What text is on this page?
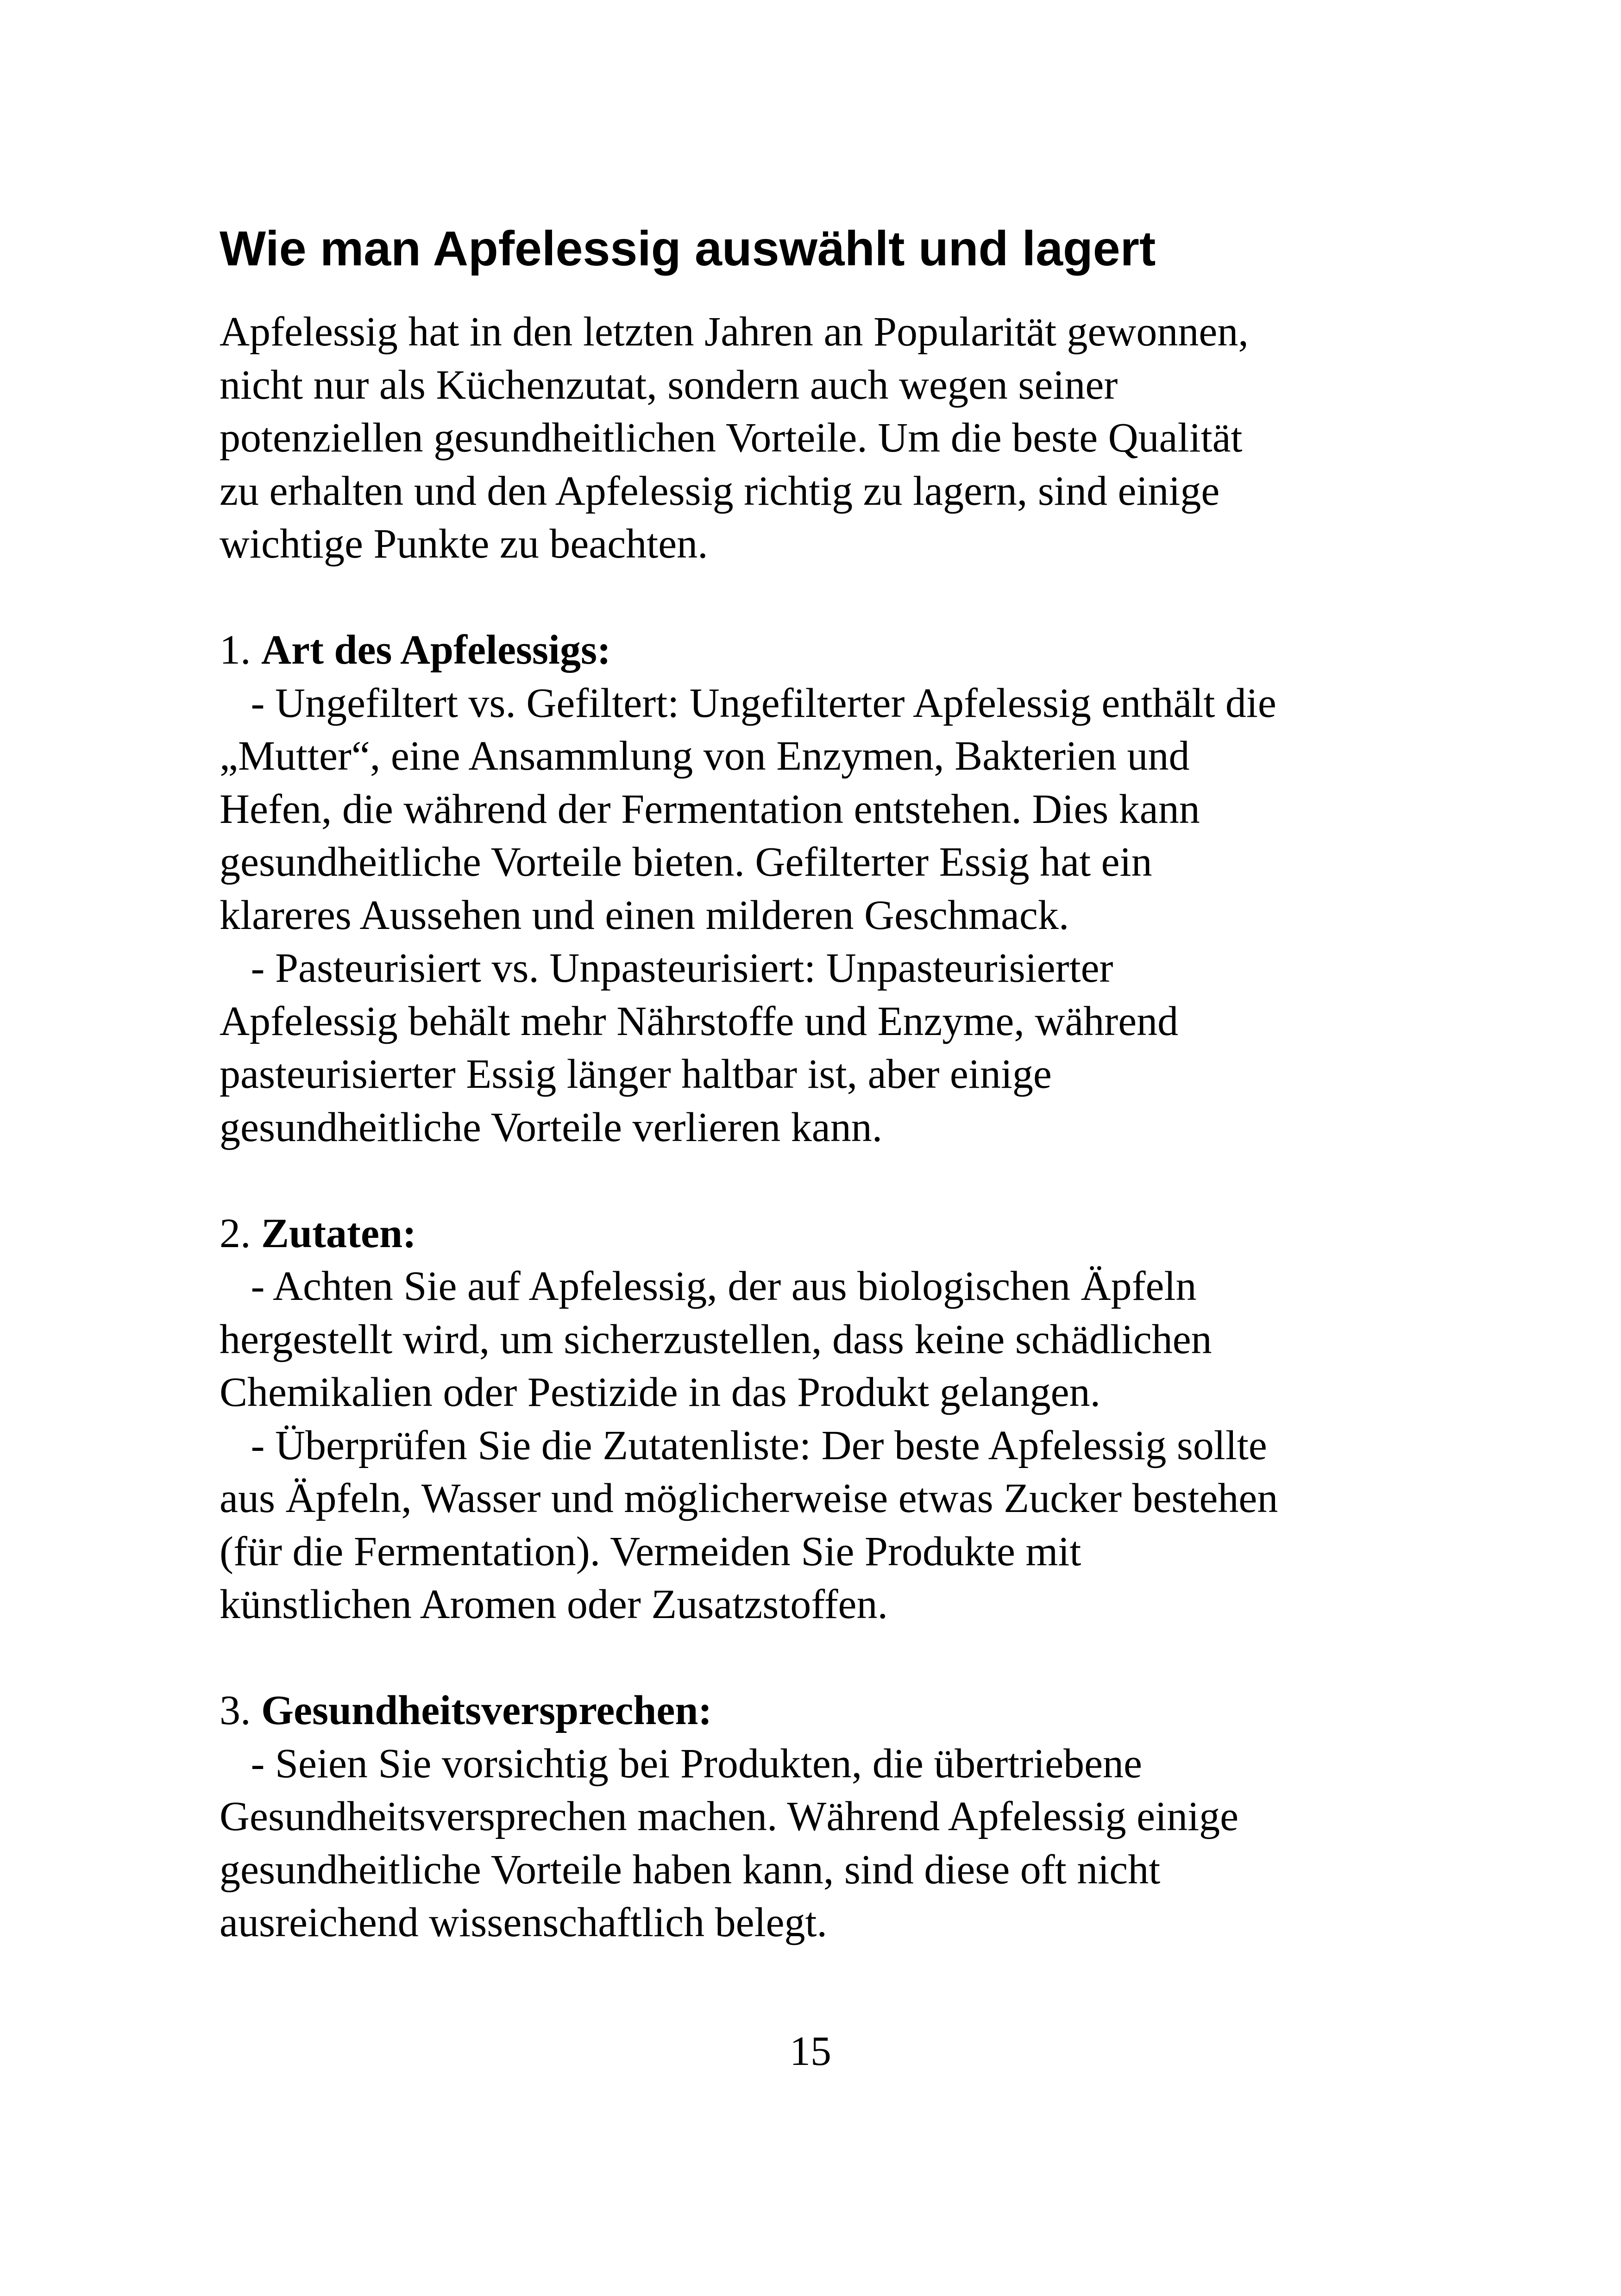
Wie man Apfelessig auswählt und lagert
Apfelessig hat in den letzten Jahren an Popularität gewonnen,
nicht nur als Küchenzutat, sondern auch wegen seiner
potenziellen gesundheitlichen Vorteile. Um die beste Qualität
zu erhalten und den Apfelessig richtig zu lagern, sind einige
wichtige Punkte zu beachten.
1. Art des Apfelessigs:
- Ungefiltert vs. Gefiltert: Ungefilterter Apfelessig enthält die
„Mutter“, eine Ansammlung von Enzymen, Bakterien und
Hefen, die während der Fermentation entstehen. Dies kann
gesundheitliche Vorteile bieten. Gefilterter Essig hat ein
klareres Aussehen und einen milderen Geschmack.
- Pasteurisiert vs. Unpasteurisiert: Unpasteurisierter
Apfelessig behält mehr Nährstoffe und Enzyme, während
pasteurisierter Essig länger haltbar ist, aber einige
gesundheitliche Vorteile verlieren kann.
2. Zutaten:
- Achten Sie auf Apfelessig, der aus biologischen Äpfeln
hergestellt wird, um sicherzustellen, dass keine schädlichen
Chemikalien oder Pestizide in das Produkt gelangen.
- Überprüfen Sie die Zutatenliste: Der beste Apfelessig sollte
aus Äpfeln, Wasser und möglicherweise etwas Zucker bestehen
(für die Fermentation). Vermeiden Sie Produkte mit
künstlichen Aromen oder Zusatzstoffen.
3. Gesundheitsversprechen:
- Seien Sie vorsichtig bei Produkten, die übertriebene
Gesundheitsversprechen machen. Während Apfelessig einige
gesundheitliche Vorteile haben kann, sind diese oft nicht
ausreichend wissenschaftlich belegt.
15
